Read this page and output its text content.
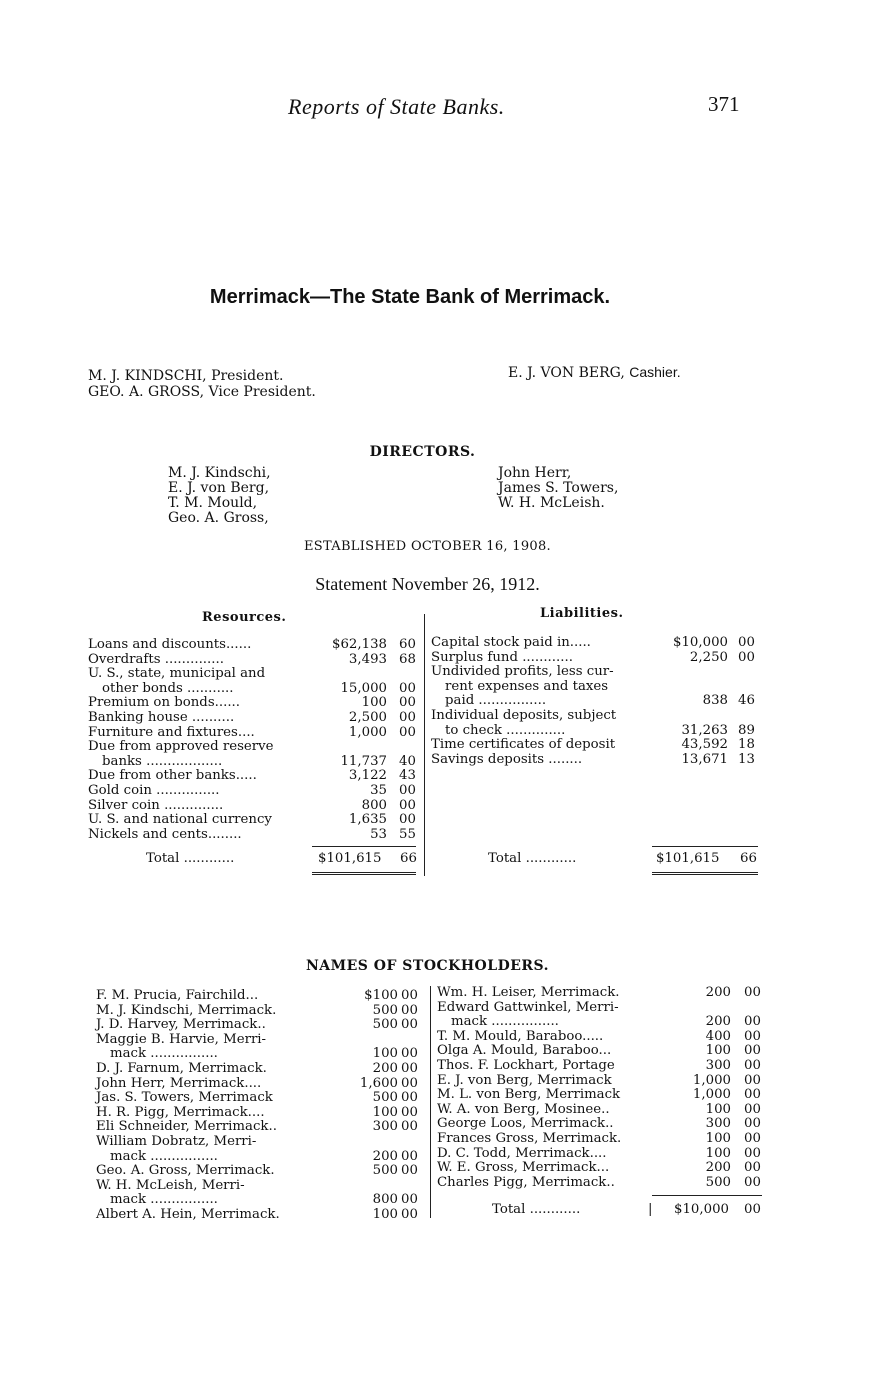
Reports of State Banks.	371
Merrimack—The State Bank of Merrimack.
M. J. KINDSCHI, President.
GEO. A. GROSS, Vice President.
E. J. VON BERG, Cashier.
DIRECTORS.
M. J. Kindschi,
E. J. von Berg,
T. M. Mould,
Geo. A. Gross,
John Herr,
James S. Towers,
W. H. McLeish.
ESTABLISHED OCTOBER 16, 1908.
Statement November 26, 1912.
Resources.	Liabilities.
Loans and discounts......	$62,138 60
Overdrafts ..............	3,493 68
U. S., state, municipal and
other bonds ...........	15,000 00
Premium on bonds......	100 00
Banking house ..........	2,500 00
Furniture and fixtures....	1,000 00
Due from approved reserve
banks ..................	11,737 40
Due from other banks.....	3,122 43
Gold coin ...............	35 00
Silver coin ..............	800 00
U. S. and national currency	1,635 00
Nickels and cents........	53 55
Capital stock paid in.....	$10,000 00
Surplus fund ............	2,250 00
Undivided profits, less cur-
rent expenses and taxes
paid ................	838 46
Individual deposits, subject
to check ..............	31,263 89
Time certificates of deposit	43,592 18
Savings deposits ........	13,671 13
Total ............	$101,615 66	Total ............	$101,615 66
NAMES OF STOCKHOLDERS.
F. M. Prucia, Fairchild...	$100 00
M. J. Kindschi, Merrimack.	500 00
J. D. Harvey, Merrimack..	500 00
Maggie B. Harvie, Merri-
mack ................	100 00
D. J. Farnum, Merrimack.	200 00
John Herr, Merrimack....	1,600 00
Jas. S. Towers, Merrimack	500 00
H. R. Pigg, Merrimack....	100 00
Eli Schneider, Merrimack..	300 00
William Dobratz, Merri-
mack ................	200 00
Geo. A. Gross, Merrimack.	500 00
W. H. McLeish, Merri-
mack ................	800 00
Albert A. Hein, Merrimack.	100 00
Wm. H. Leiser, Merrimack.	200 00
Edward Gattwinkel, Merri-
mack ................	200 00
T. M. Mould, Baraboo.....	400 00
Olga A. Mould, Baraboo...	100 00
Thos. F. Lockhart, Portage	300 00
E. J. von Berg, Merrimack	1,000 00
M. L. von Berg, Merrimack	1,000 00
W. A. von Berg, Mosinee..	100 00
George Loos, Merrimack..	300 00
Frances Gross, Merrimack.	100 00
D. C. Todd, Merrimack....	100 00
W. E. Gross, Merrimack...	200 00
Charles Pigg, Merrimack..	500 00
Total ............	| $10,000 00
